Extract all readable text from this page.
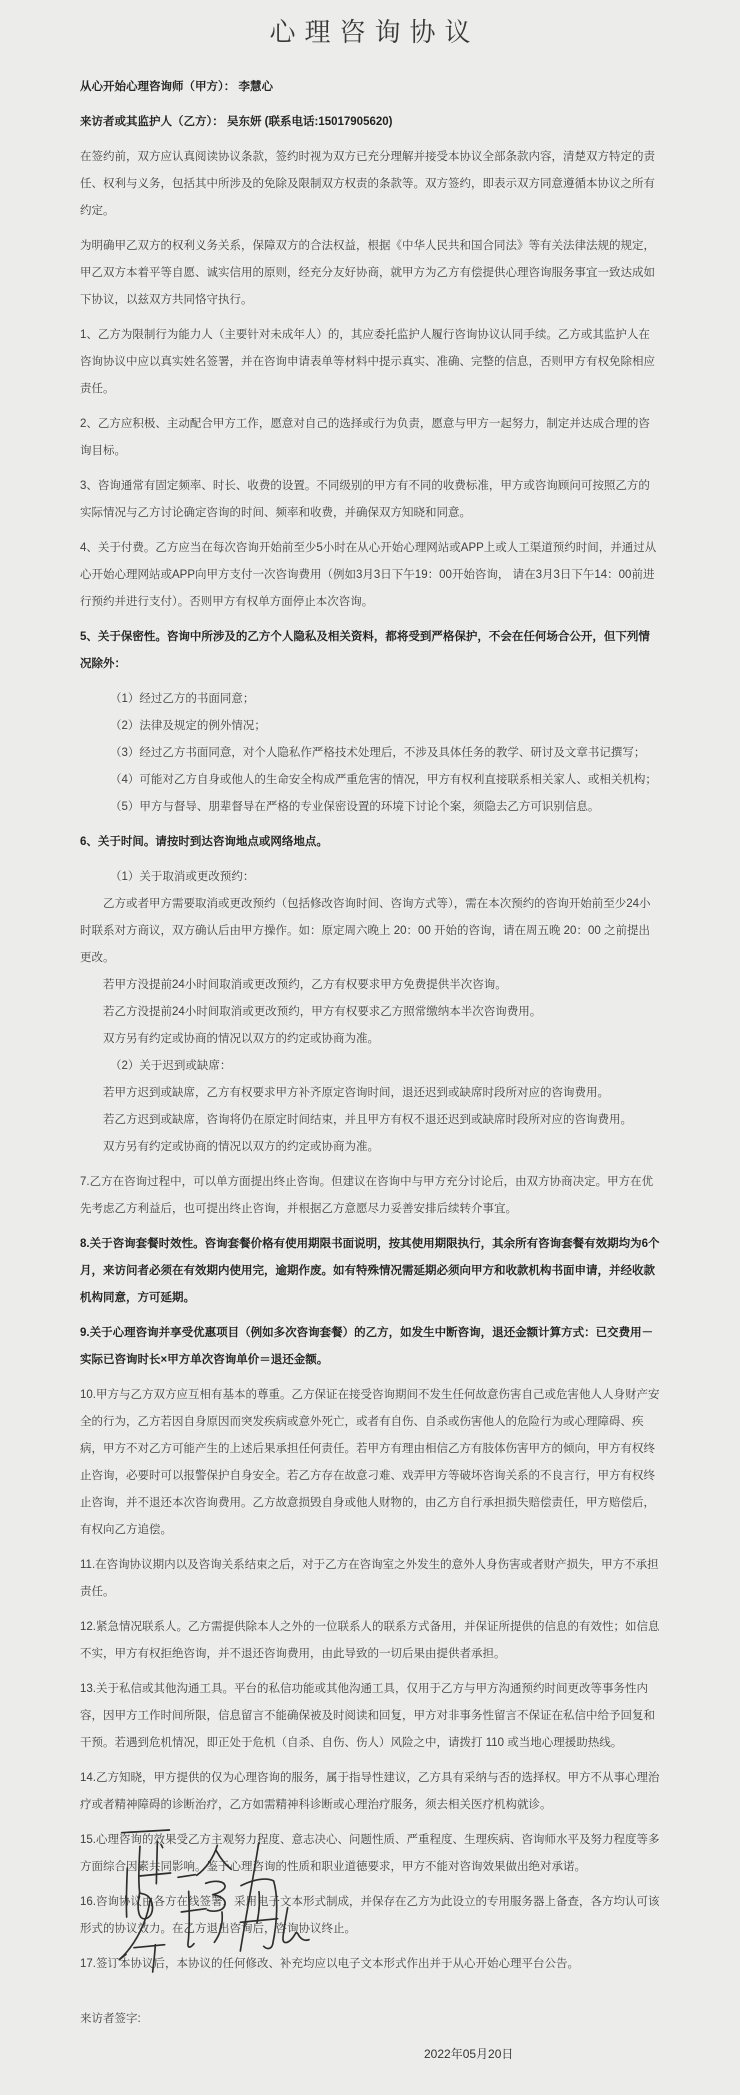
心理咨询协议

从心开始心理咨询师（甲方）： 李慧心

来访者或其监护人（乙方）： 吴东妍 (联系电话:15017905620)

在签约前，双方应认真阅读协议条款，签约时视为双方已充分理解并接受本协议全部条款内容，清楚双方特定的责任、权利与义务，包括其中所涉及的免除及限制双方权责的条款等。双方签约，即表示双方同意遵循本协议之所有约定。

为明确甲乙双方的权利义务关系，保障双方的合法权益，根据《中华人民共和国合同法》等有关法律法规的规定，甲乙双方本着平等自愿、诚实信用的原则，经充分友好协商，就甲方为乙方有偿提供心理咨询服务事宜一致达成如下协议，以兹双方共同恪守执行。

1、乙方为限制行为能力人（主要针对未成年人）的，其应委托监护人履行咨询协议认同手续。乙方或其监护人在咨询协议中应以真实姓名签署，并在咨询申请表单等材料中提示真实、准确、完整的信息，否则甲方有权免除相应责任。

2、乙方应积极、主动配合甲方工作，愿意对自己的选择或行为负责，愿意与甲方一起努力，制定并达成合理的咨询目标。

3、咨询通常有固定频率、时长、收费的设置。不同级别的甲方有不同的收费标准，甲方或咨询顾问可按照乙方的实际情况与乙方讨论确定咨询的时间、频率和收费，并确保双方知晓和同意。

4、关于付费。乙方应当在每次咨询开始前至少5小时在从心开始心理网站或APP上或人工渠道预约时间，并通过从心开始心理网站或APP向甲方支付一次咨询费用（例如3月3日下午19：00开始咨询， 请在3月3日下午14：00前进行预约并进行支付）。否则甲方有权单方面停止本次咨询。

5、关于保密性。咨询中所涉及的乙方个人隐私及相关资料，都将受到严格保护，不会在任何场合公开，但下列情况除外：

（1）经过乙方的书面同意；

（2）法律及规定的例外情况；

（3）经过乙方书面同意，对个人隐私作严格技术处理后，不涉及具体任务的教学、研讨及文章书记撰写；

（4）可能对乙方自身或他人的生命安全构成严重危害的情况，甲方有权利直接联系相关家人、或相关机构；

（5）甲方与督导、朋辈督导在严格的专业保密设置的环境下讨论个案，须隐去乙方可识别信息。

6、关于时间。请按时到达咨询地点或网络地点。

（1）关于取消或更改预约：

乙方或者甲方需要取消或更改预约（包括修改咨询时间、咨询方式等），需在本次预约的咨询开始前至少24小时联系对方商议，双方确认后由甲方操作。如：原定周六晚上 20：00 开始的咨询，请在周五晚 20：00 之前提出更改。

若甲方没提前24小时间取消或更改预约，乙方有权要求甲方免费提供半次咨询。

若乙方没提前24小时间取消或更改预约，甲方有权要求乙方照常缴纳本半次咨询费用。

双方另有约定或协商的情况以双方的约定或协商为准。

（2）关于迟到或缺席：

若甲方迟到或缺席，乙方有权要求甲方补齐原定咨询时间，退还迟到或缺席时段所对应的咨询费用。

若乙方迟到或缺席，咨询将仍在原定时间结束，并且甲方有权不退还迟到或缺席时段所对应的咨询费用。

双方另有约定或协商的情况以双方的约定或协商为准。

7.乙方在咨询过程中，可以单方面提出终止咨询。但建议在咨询中与甲方充分讨论后，由双方协商决定。甲方在优先考虑乙方利益后，也可提出终止咨询，并根据乙方意愿尽力妥善安排后续转介事宜。

8.关于咨询套餐时效性。咨询套餐价格有使用期限书面说明，按其使用期限执行，其余所有咨询套餐有效期均为6个月，来访问者必须在有效期内使用完，逾期作废。如有特殊情况需延期必须向甲方和收款机构书面申请，并经收款机构同意，方可延期。

9.关于心理咨询并享受优惠项目（例如多次咨询套餐）的乙方，如发生中断咨询，退还金额计算方式：已交费用－实际已咨询时长×甲方单次咨询单价＝退还金额。

10.甲方与乙方双方应互相有基本的尊重。乙方保证在接受咨询期间不发生任何故意伤害自己或危害他人人身财产安全的行为，乙方若因自身原因而突发疾病或意外死亡，或者有自伤、自杀或伤害他人的危险行为或心理障碍、疾病，甲方不对乙方可能产生的上述后果承担任何责任。若甲方有理由相信乙方有肢体伤害甲方的倾向，甲方有权终止咨询，必要时可以报警保护自身安全。若乙方存在故意刁难、戏弄甲方等破坏咨询关系的不良言行，甲方有权终止咨询，并不退还本次咨询费用。乙方故意损毁自身或他人财物的，由乙方自行承担损失赔偿责任，甲方赔偿后，有权向乙方追偿。

11.在咨询协议期内以及咨询关系结束之后，对于乙方在咨询室之外发生的意外人身伤害或者财产损失，甲方不承担责任。

12.紧急情况联系人。乙方需提供除本人之外的一位联系人的联系方式备用，并保证所提供的信息的有效性；如信息不实，甲方有权拒绝咨询，并不退还咨询费用，由此导致的一切后果由提供者承担。

13.关于私信或其他沟通工具。平台的私信功能或其他沟通工具，仅用于乙方与甲方沟通预约时间更改等事务性内容，因甲方工作时间所限，信息留言不能确保被及时阅读和回复，甲方对非事务性留言不保证在私信中给予回复和干预。若遇到危机情况，即正处于危机（自杀、自伤、伤人）风险之中，请拨打 110 或当地心理援助热线。

14.乙方知晓，甲方提供的仅为心理咨询的服务，属于指导性建议，乙方具有采纳与否的选择权。甲方不从事心理治疗或者精神障碍的诊断治疗，乙方如需精神科诊断或心理治疗服务，须去相关医疗机构就诊。

15.心理咨询的效果受乙方主观努力程度、意志决心、问题性质、严重程度、生理疾病、咨询师水平及努力程度等多方面综合因素共同影响。鉴于心理咨询的性质和职业道德要求，甲方不能对咨询效果做出绝对承诺。

16.咨询协议由各方在线签署，采用电子文本形式制成，并保存在乙方为此设立的专用服务器上备查，各方均认可该形式的协议效力。在乙方退出咨询后，咨询协议终止。

17.签订本协议后，本协议的任何修改、补充均应以电子文本形式作出并于从心开始心理平台公告。

来访者签字:

2022年05月20日
